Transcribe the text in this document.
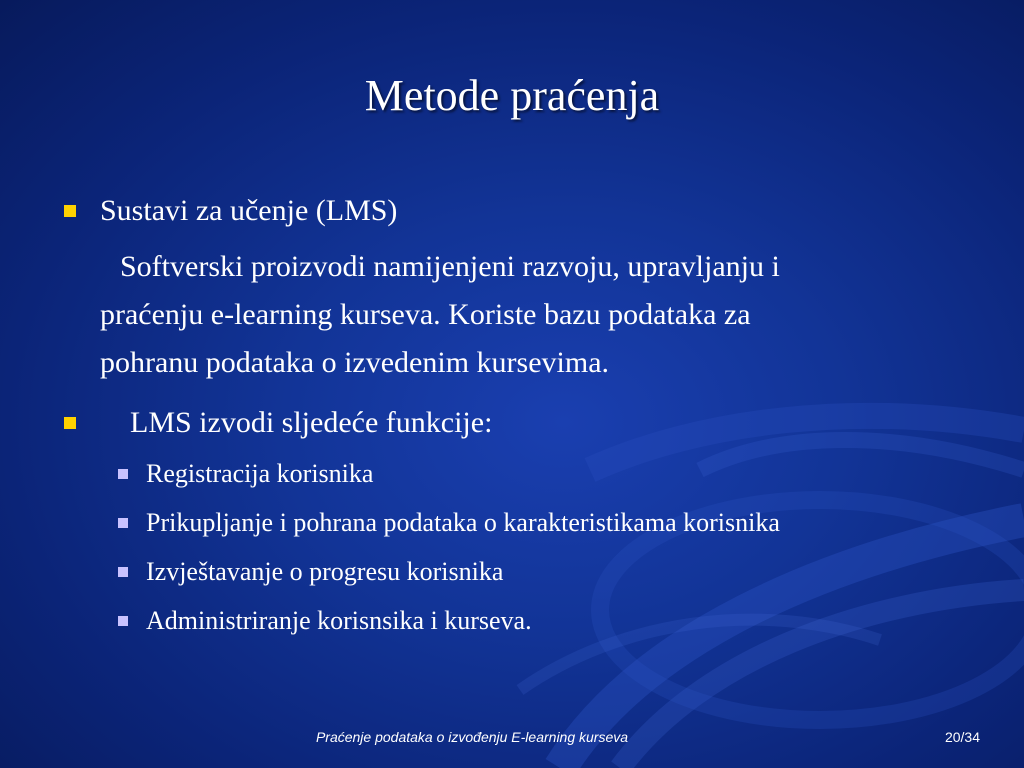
Metode praćenja
Sustavi za učenje (LMS)
Softverski proizvodi namijenjeni razvoju, upravljanju i
praćenju e-learning kurseva. Koriste bazu podataka za
pohranu podataka o izvedenim kursevima.
LMS izvodi sljedeće funkcije:
Registracija korisnika
Prikupljanje i pohrana podataka o karakteristikama korisnika
Izvještavanje o progresu korisnika
Administriranje korisnsika i kurseva.
Praćenje podataka o izvođenju E-learning kurseva	20/34
